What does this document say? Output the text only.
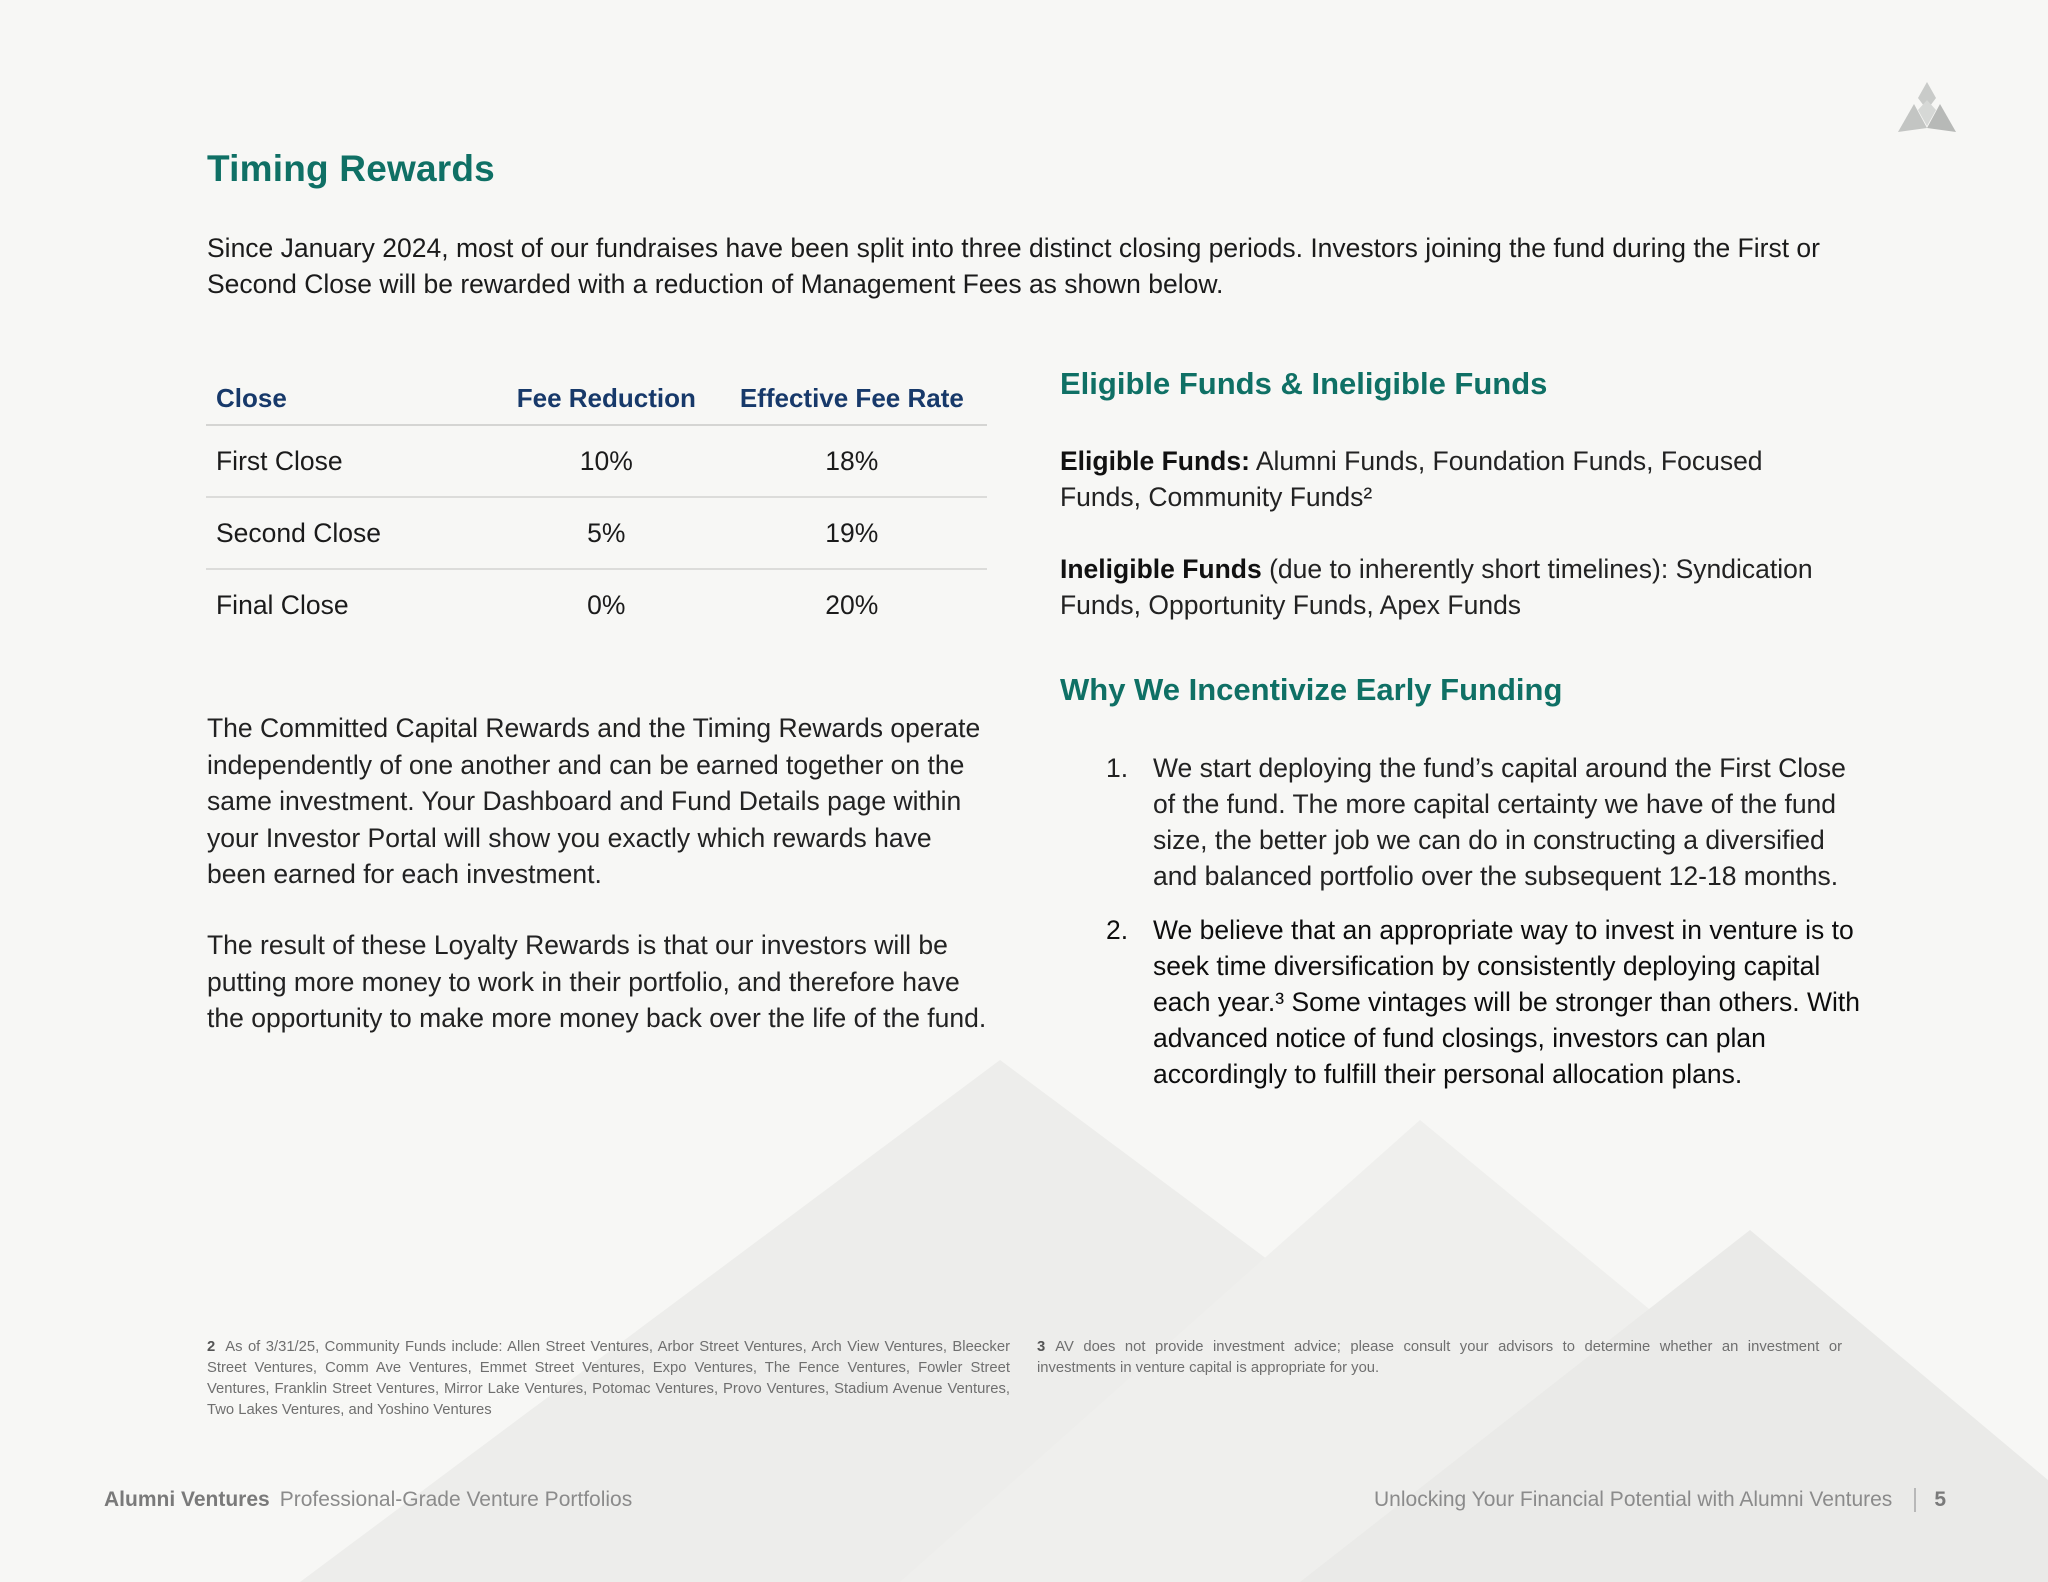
Timing Rewards

Since January 2024, most of our fundraises have been split into three distinct closing periods. Investors joining the fund during the First or Second Close will be rewarded with a reduction of Management Fees as shown below.

Close	Fee Reduction	Effective Fee Rate
First Close	10%	18%
Second Close	5%	19%
Final Close	0%	20%

The Committed Capital Rewards and the Timing Rewards operate independently of one another and can be earned together on the same investment. Your Dashboard and Fund Details page within your Investor Portal will show you exactly which rewards have been earned for each investment.

The result of these Loyalty Rewards is that our investors will be putting more money to work in their portfolio, and therefore have the opportunity to make more money back over the life of the fund.

Eligible Funds & Ineligible Funds

Eligible Funds: Alumni Funds, Foundation Funds, Focused Funds, Community Funds²

Ineligible Funds (due to inherently short timelines): Syndication Funds, Opportunity Funds, Apex Funds

Why We Incentivize Early Funding
1. We start deploying the fund’s capital around the First Close of the fund. The more capital certainty we have of the fund size, the better job we can do in constructing a diversified and balanced portfolio over the subsequent 12-18 months.
2. We believe that an appropriate way to invest in venture is to seek time diversification by consistently deploying capital each year.³ Some vintages will be stronger than others. With advanced notice of fund closings, investors can plan accordingly to fulfill their personal allocation plans.

2 As of 3/31/25, Community Funds include: Allen Street Ventures, Arbor Street Ventures, Arch View Ventures, Bleecker Street Ventures, Comm Ave Ventures, Emmet Street Ventures, Expo Ventures, The Fence Ventures, Fowler Street Ventures, Franklin Street Ventures, Mirror Lake Ventures, Potomac Ventures, Provo Ventures, Stadium Avenue Ventures, Two Lakes Ventures, and Yoshino Ventures

3 AV does not provide investment advice; please consult your advisors to determine whether an investment or investments in venture capital is appropriate for you.

Alumni Ventures Professional-Grade Venture Portfolios	Unlocking Your Financial Potential with Alumni Ventures 5
